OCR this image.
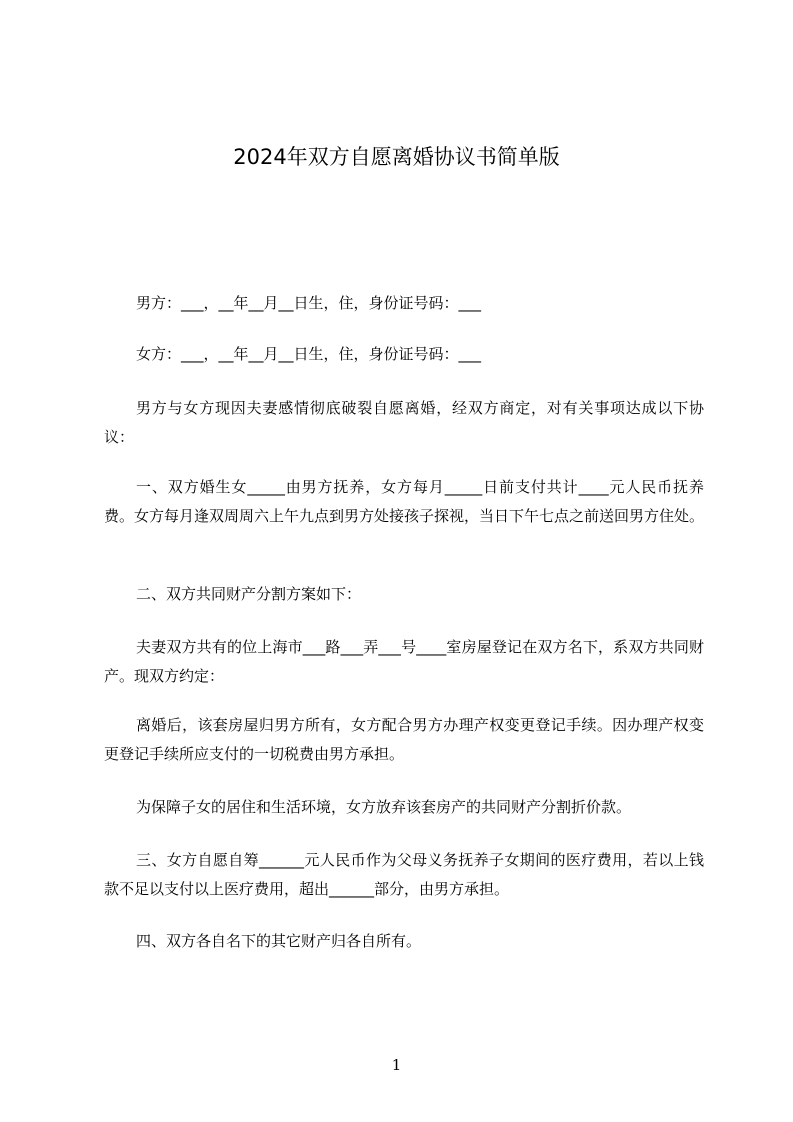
2024年双方自愿离婚协议书简单版

男方：___，__年__月__日生，住，身份证号码：___

女方：___，__年__月__日生，住，身份证号码：___

男方与女方现因夫妻感情彻底破裂自愿离婚，经双方商定，对有关事项达成以下协议：

一、双方婚生女_____由男方抚养，女方每月_____日前支付共计____元人民币抚养费。女方每月逢双周周六上午九点到男方处接孩子探视，当日下午七点之前送回男方住处。

二、双方共同财产分割方案如下：

夫妻双方共有的位上海市___路___弄___号____室房屋登记在双方名下，系双方共同财产。现双方约定：

离婚后，该套房屋归男方所有，女方配合男方办理产权变更登记手续。因办理产权变更登记手续所应支付的一切税费由男方承担。

为保障子女的居住和生活环境，女方放弃该套房产的共同财产分割折价款。

三、女方自愿自筹______元人民币作为父母义务抚养子女期间的医疗费用，若以上钱款不足以支付以上医疗费用，超出______部分，由男方承担。

四、双方各自名下的其它财产归各自所有。

1
